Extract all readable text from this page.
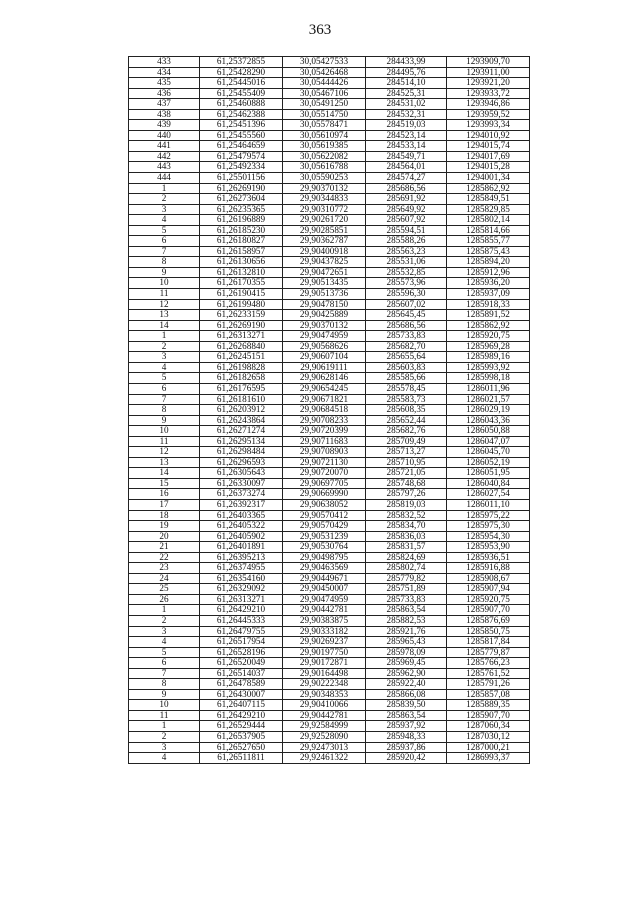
363
433	61,25372855	30,05427533	284433,99	1293909,70
434	61,25428290	30,05426468	284495,76	1293911,00
435	61,25445016	30,05444426	284514,10	1293921,20
436	61,25455409	30,05467106	284525,31	1293933,72
437	61,25460888	30,05491250	284531,02	1293946,86
438	61,25462388	30,05514750	284532,31	1293959,52
439	61,25451396	30,05578471	284519,03	1293993,34
440	61,25455560	30,05610974	284523,14	1294010,92
441	61,25464659	30,05619385	284533,14	1294015,74
442	61,25479574	30,05622082	284549,71	1294017,69
443	61,25492334	30,05616788	284564,01	1294015,28
444	61,25501156	30,05590253	284574,27	1294001,34
1	61,26269190	29,90370132	285686,56	1285862,92
2	61,26273604	29,90344833	285691,92	1285849,51
3	61,26235365	29,90310772	285649,92	1285829,85
4	61,26196889	29,90261720	285607,92	1285802,14
5	61,26185230	29,90285851	285594,51	1285814,66
6	61,26180827	29,90362787	285588,26	1285855,77
7	61,26158957	29,90400918	285563,23	1285875,43
8	61,26130656	29,90437825	285531,06	1285894,20
9	61,26132810	29,90472651	285532,85	1285912,96
10	61,26170355	29,90513435	285573,96	1285936,20
11	61,26190415	29,90513736	285596,30	1285937,09
12	61,26199480	29,90478150	285607,02	1285918,33
13	61,26233159	29,90425889	285645,45	1285891,52
14	61,26269190	29,90370132	285686,56	1285862,92
1	61,26313271	29,90474959	285733,83	1285920,75
2	61,26268840	29,90568626	285682,70	1285969,28
3	61,26245151	29,90607104	285655,64	1285989,16
4	61,26198828	29,90619111	285603,83	1285993,92
5	61,26182658	29,90628146	285585,66	1285998,18
6	61,26176595	29,90654245	285578,45	1286011,96
7	61,26181610	29,90671821	285583,73	1286021,57
8	61,26203912	29,90684518	285608,35	1286029,19
9	61,26243864	29,90708233	285652,44	1286043,36
10	61,26271274	29,90720399	285682,76	1286050,88
11	61,26295134	29,90711683	285709,49	1286047,07
12	61,26298484	29,90708903	285713,27	1286045,70
13	61,26296593	29,90721130	285710,95	1286052,19
14	61,26305643	29,90720070	285721,05	1286051,95
15	61,26330097	29,90697705	285748,68	1286040,84
16	61,26373274	29,90669990	285797,26	1286027,54
17	61,26392317	29,90638052	285819,03	1286011,10
18	61,26403365	29,90570412	285832,52	1285975,22
19	61,26405322	29,90570429	285834,70	1285975,30
20	61,26405902	29,90531239	285836,03	1285954,30
21	61,26401891	29,90530764	285831,57	1285953,90
22	61,26395213	29,90498795	285824,69	1285936,51
23	61,26374955	29,90463569	285802,74	1285916,88
24	61,26354160	29,90449671	285779,82	1285908,67
25	61,26329092	29,90450007	285751,89	1285907,94
26	61,26313271	29,90474959	285733,83	1285920,75
1	61,26429210	29,90442781	285863,54	1285907,70
2	61,26445333	29,90383875	285882,53	1285876,69
3	61,26479755	29,90333182	285921,76	1285850,75
4	61,26517954	29,90269237	285965,43	1285817,84
5	61,26528196	29,90197750	285978,09	1285779,87
6	61,26520049	29,90172871	285969,45	1285766,23
7	61,26514037	29,90164498	285962,90	1285761,52
8	61,26478589	29,90222348	285922,40	1285791,26
9	61,26430007	29,90348353	285866,08	1285857,08
10	61,26407115	29,90410066	285839,50	1285889,35
11	61,26429210	29,90442781	285863,54	1285907,70
1	61,26529444	29,92584999	285937,92	1287060,34
2	61,26537905	29,92528090	285948,33	1287030,12
3	61,26527650	29,92473013	285937,86	1287000,21
4	61,26511811	29,92461322	285920,42	1286993,37
